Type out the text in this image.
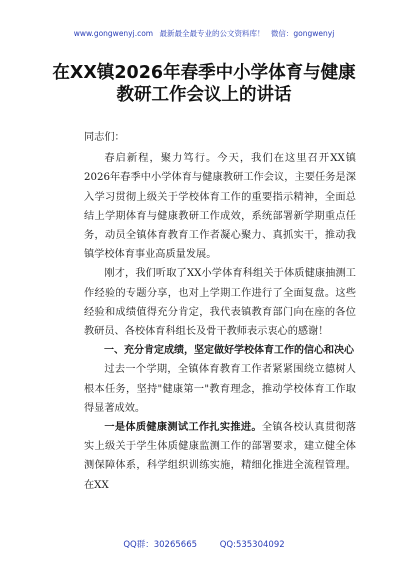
www.gongwenyj.com 最新最全最专业的公文资料库！ 微信：gongwenyj
在XX镇2026年春季中小学体育与健康
教研工作会议上的讲话

同志们：

春启新程，聚力笃行。今天，我们在这里召开XX镇2026年春季中小学体育与健康教研工作会议，主要任务是深入学习贯彻上级关于学校体育工作的重要指示精神，全面总结上学期体育与健康教研工作成效，系统部署新学期重点任务，动员全镇体育教育工作者凝心聚力、真抓实干，推动我镇学校体育事业高质量发展。

刚才，我们听取了XX小学体育科组关于体质健康抽测工作经验的专题分享，也对上学期工作进行了全面复盘。这些经验和成绩值得充分肯定，我代表镇教育部门向在座的各位教研员、各校体育科组长及骨干教师表示衷心的感谢！

一、充分肯定成绩，坚定做好学校体育工作的信心和决心

过去一个学期，全镇体育教育工作者紧紧围绕立德树人根本任务，坚持"健康第一"教育理念，推动学校体育工作取得显著成效。

一是体质健康测试工作扎实推进。全镇各校认真贯彻落实上级关于学生体质健康监测工作的部署要求，建立健全体测保障体系，科学组织训练实施，精细化推进全流程管理。在XX

QQ群：30265665	QQ:535304092
